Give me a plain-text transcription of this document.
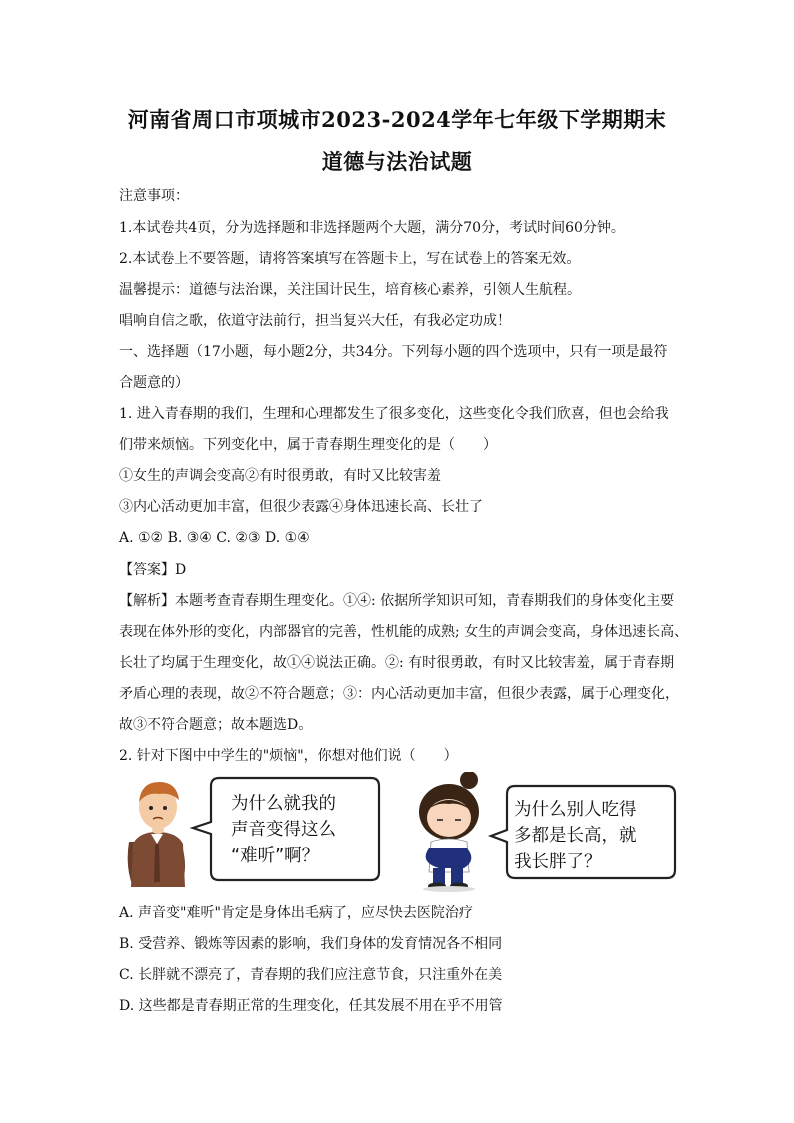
河南省周口市项城市2023-2024学年七年级下学期期末
道德与法治试题
注意事项：
1.本试卷共4页，分为选择题和非选择题两个大题，满分70分，考试时间60分钟。
2.本试卷上不要答题，请将答案填写在答题卡上，写在试卷上的答案无效。
温馨提示：道德与法治课，关注国计民生，培育核心素养，引领人生航程。
唱响自信之歌，依道守法前行，担当复兴大任，有我必定功成！
一、选择题（17小题，每小题2分，共34分。下列每小题的四个选项中，只有一项是最符
合题意的）
1. 进入青春期的我们，生理和心理都发生了很多变化，这些变化令我们欣喜，但也会给我
们带来烦恼。下列变化中，属于青春期生理变化的是（　　）
①女生的声调会变高②有时很勇敢，有时又比较害羞
③内心活动更加丰富，但很少表露④身体迅速长高、长壮了
A. ①② B. ③④ C. ②③ D. ①④
【答案】D
【解析】本题考查青春期生理变化。①④: 依据所学知识可知，青春期我们的身体变化主要
表现在体外形的变化，内部器官的完善，性机能的成熟; 女生的声调会变高，身体迅速长高、
长壮了均属于生理变化，故①④说法正确。②: 有时很勇敢，有时又比较害羞，属于青春期
矛盾心理的表现，故②不符合题意；③：内心活动更加丰富，但很少表露，属于心理变化，
故③不符合题意；故本题选D。
2. 针对下图中中学生的"烦恼"，你想对他们说（　　）
为什么就我的
声音变得这么
“难听”啊？
为什么别人吃得
多都是长高，就
我长胖了？
A. 声音变"难听"肯定是身体出毛病了，应尽快去医院治疗
B. 受营养、锻炼等因素的影响，我们身体的发育情况各不相同
C. 长胖就不漂亮了，青春期的我们应注意节食，只注重外在美
D. 这些都是青春期正常的生理变化，任其发展不用在乎不用管
